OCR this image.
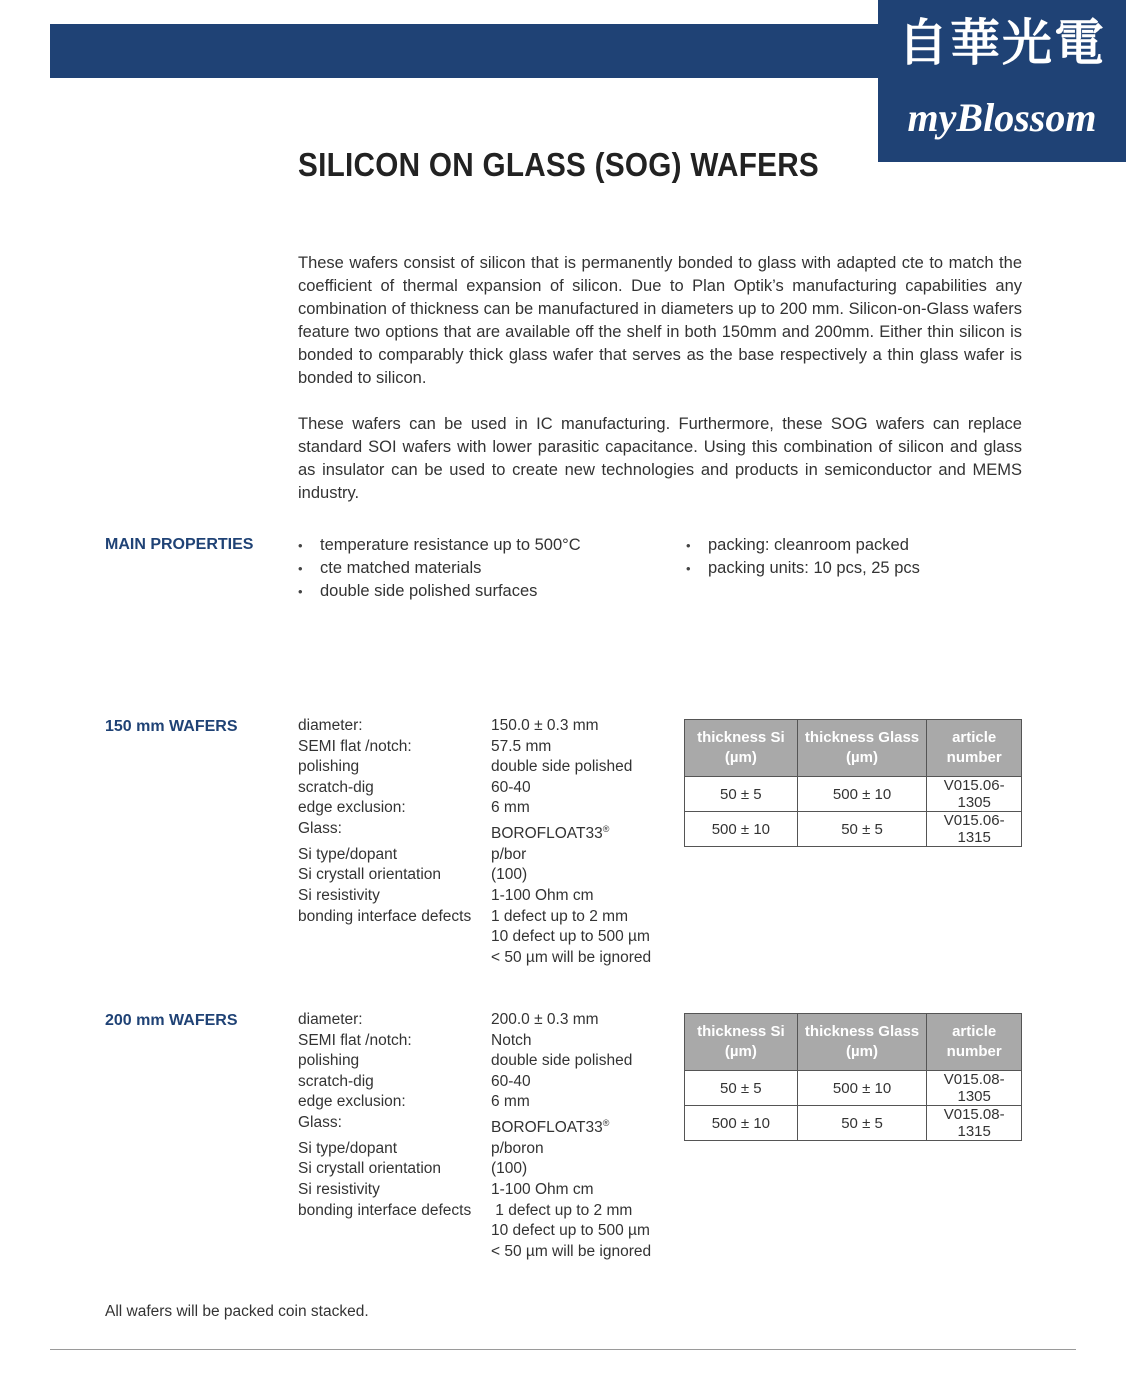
自華光電
myBlossom
SILICON ON GLASS (SOG) WAFERS

These wafers consist of silicon that is permanently bonded to glass with adapted cte to match the coefficient of thermal expansion of silicon. Due to Plan Optik’s manufacturing capabilities any combination of thickness can be manufactured in diameters up to 200 mm. Silicon-on-Glass wafers feature two options that are available off the shelf in both 150mm and 200mm. Either thin silicon is bonded to comparably thick glass wafer that serves as the base respectively a thin glass wafer is bonded to silicon.

These wafers can be used in IC manufacturing. Furthermore, these SOG wafers can replace standard SOI wafers with lower parasitic capacitance. Using this combination of silicon and glass as insulator can be used to create new technologies and products in semiconductor and MEMS industry.

MAIN PROPERTIES	• temperature resistance up to 500°C
• cte matched materials
• double side polished surfaces
• packing: cleanroom packed
• packing units: 10 pcs, 25 pcs
150 mm WAFERS	diameter:	150.0 ± 0.3 mm
SEMI flat /notch:	57.5 mm
polishing	double side polished
scratch-dig	60-40
edge exclusion:	6 mm
Glass:	BOROFLOAT33®
Si type/dopant	p/bor
Si crystall orientation	(100)
Si resistivity	1-100 Ohm cm
bonding interface defects	1 defect up to 2 mm
10 defect up to 500 µm
< 50 µm will be ignored
thickness Si (µm)	thickness Glass (µm)	article number
50 ± 5	500 ± 10	V015.06-1305
500 ± 10	50 ± 5	V015.06-1315
200 mm WAFERS	diameter:	200.0 ± 0.3 mm
SEMI flat /notch:	Notch
polishing	double side polished
scratch-dig	60-40
edge exclusion:	6 mm
Glass:	BOROFLOAT33®
Si type/dopant	p/boron
Si crystall orientation	(100)
Si resistivity	1-100 Ohm cm
bonding interface defects	1 defect up to 2 mm
10 defect up to 500 µm
< 50 µm will be ignored
thickness Si (µm)	thickness Glass (µm)	article number
50 ± 5	500 ± 10	V015.08-1305
500 ± 10	50 ± 5	V015.08-1315
All wafers will be packed coin stacked.
